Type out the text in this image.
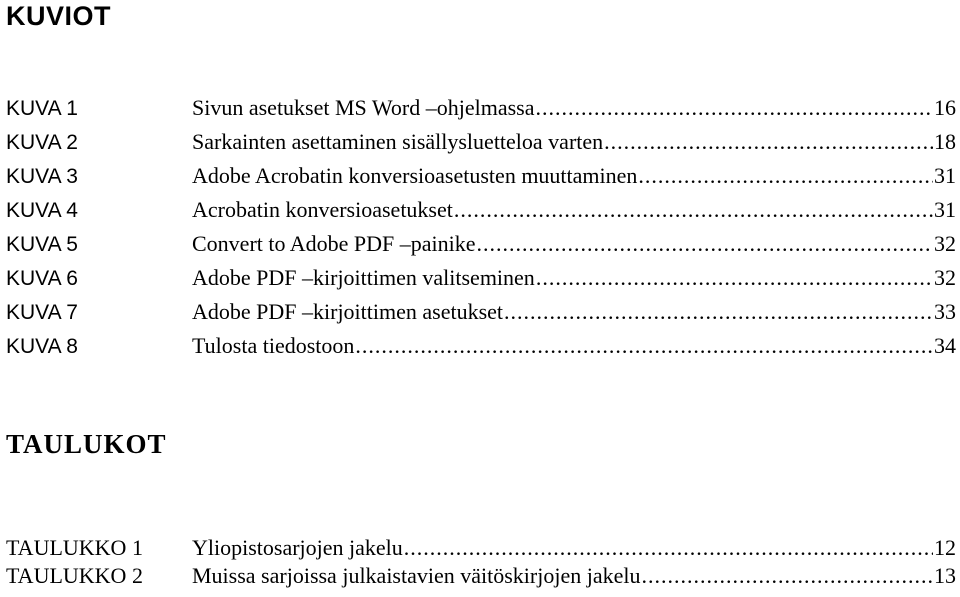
KUVIOT
KUVA 1	Sivun asetukset MS Word –ohjelmassa .....	16
KUVA 2	Sarkainten asettaminen sisällysluetteloa varten .....	18
KUVA 3	Adobe Acrobatin konversioasetusten muuttaminen .....	31
KUVA 4	Acrobatin konversioasetukset .....	31
KUVA 5	Convert to Adobe PDF –painike .....	32
KUVA 6	Adobe PDF –kirjoittimen valitseminen .....	32
KUVA 7	Adobe PDF –kirjoittimen asetukset .....	33
KUVA 8	Tulosta tiedostoon .....	34
TAULUKOT
TAULUKKO 1	Yliopistosarjojen jakelu .....	12
TAULUKKO 2	Muissa sarjoissa julkaistavien väitöskirjojen jakelu .....	13
